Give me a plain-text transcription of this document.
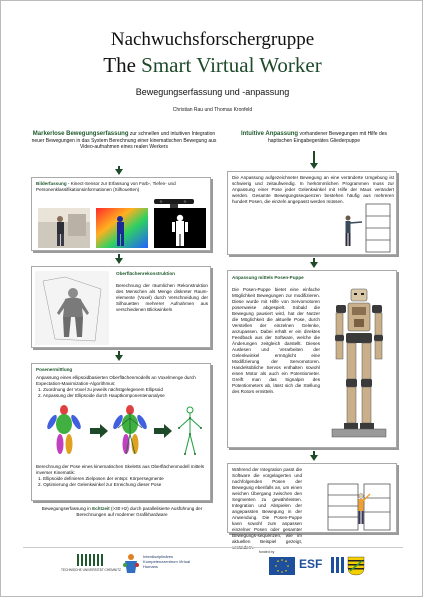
Nachwuchsforschergruppe
The Smart Virtual Worker
Bewegungserfassung und -anpassung
Christian Rau und Thomas Kronfeld
Markerlose Bewegungserfassung zur schnellen und intuitiven Integration neuer Bewegungen in das System Berechnung einer kinematischen Bewegung aus Video-aufnahmen eines realen Werkers
Bilderfassung - Kinect-Sensor zur Erfassung von Farb-, Tiefen- und Personenklassifikationsinformationen (Silhouetten)
Oberflächenrekonstruktion
Berechnung der räumlichen Rekonstruktion des Menschen als Menge diskreter Raum-elemente (Voxel) durch Verschneidung der Silhouetten mehrerer Aufnahmen aus verschiedenen Blickwinkeln
Posenermittlung
Anpassung eines ellipsoidbasierten Oberflächenmodells an Voxelmenge durch Expectation-Maximization-Algorithmus:
1. Zuordnung der Voxel zu jeweils nächstgelegenem Ellipsoid
2. Anpassung der Ellipsoide durch Hauptkomponentenanalyse
Berechnung der Pose eines kinematischen Skeletts aus Oberflächenmodell mittels inverser Kinematik:
1. Ellipsoide definieren Zielposen der entspr. Körpersegmente
2. Optimierung der Gelenkwinkel zur Erreichung dieser Pose
Bewegungserfassung in Echtzeit (>30 Hz) durch parallelisierte Ausführung der Berechnungen auf moderner Grafikhardware
Intuitive Anpassung vorhandener Bewegungen mit Hilfe des haptischen Eingabegerätes Gliederpuppe
Die Anpassung aufgezeichneter Bewegung an eine veränderte Umgebung ist schwierig und zeitaufwendig. In herkömmlichen Programmen muss zur Anpassung einer Pose jeder Gelenkwinkel mit Hilfe der Maus verändert werden. Gesamte Bewegungssequenzen bestehen häufig aus mehreren hundert Posen, die einzeln angepasst werden müssen.
Anpassung mittels Posen-Puppe
Die Posen-Puppe bietet eine einfache Möglichkeit Bewegungen zur modifizieren. Diese wurde mit Hilfe von Servomotoren posenweise abgespielt. Sobald die Bewegung pausiert wird, hat der Nutzer die Möglichkeit die aktuelle Pose, durch Verstellen der einzelnen Gelenke, anzupassen. Dabei erhält er ein direktes Feedback aus der Software, welche die Änderungen zeitgleich darstellt. Dieses Auslesen und Verarbeiten der Gelenkwinkel ermöglicht eine Modifizierung der Servomotoren. Handelsübliche Servos enthalten sowohl einen Motor als auch ein Potentiometer. Greift man das Signalpin des Potentiometers ab, lässt sich die Stellung des Rotors ermitteln.
Während der Integration passt die Software die vorgelagerten und nachfolgenden Posen der Bewegung ebenfalls an, um einen weichen Übergang zwischen den Segmenten zu gewährleisten. Integration und Abspielen der angepassten Bewegung in der Anwendung. Die Posen-Puppe kann sowohl zum anpassen einzelner Posen oder gesamter Bewegungs-sequenzen, wie im aktuellen Beispiel gezeigt,
TECHNISCHE UNIVERSITÄT CHEMNITZ
Interdisziplinäres Kompetenzzentrum Virtual Humans
funded by
ESF
